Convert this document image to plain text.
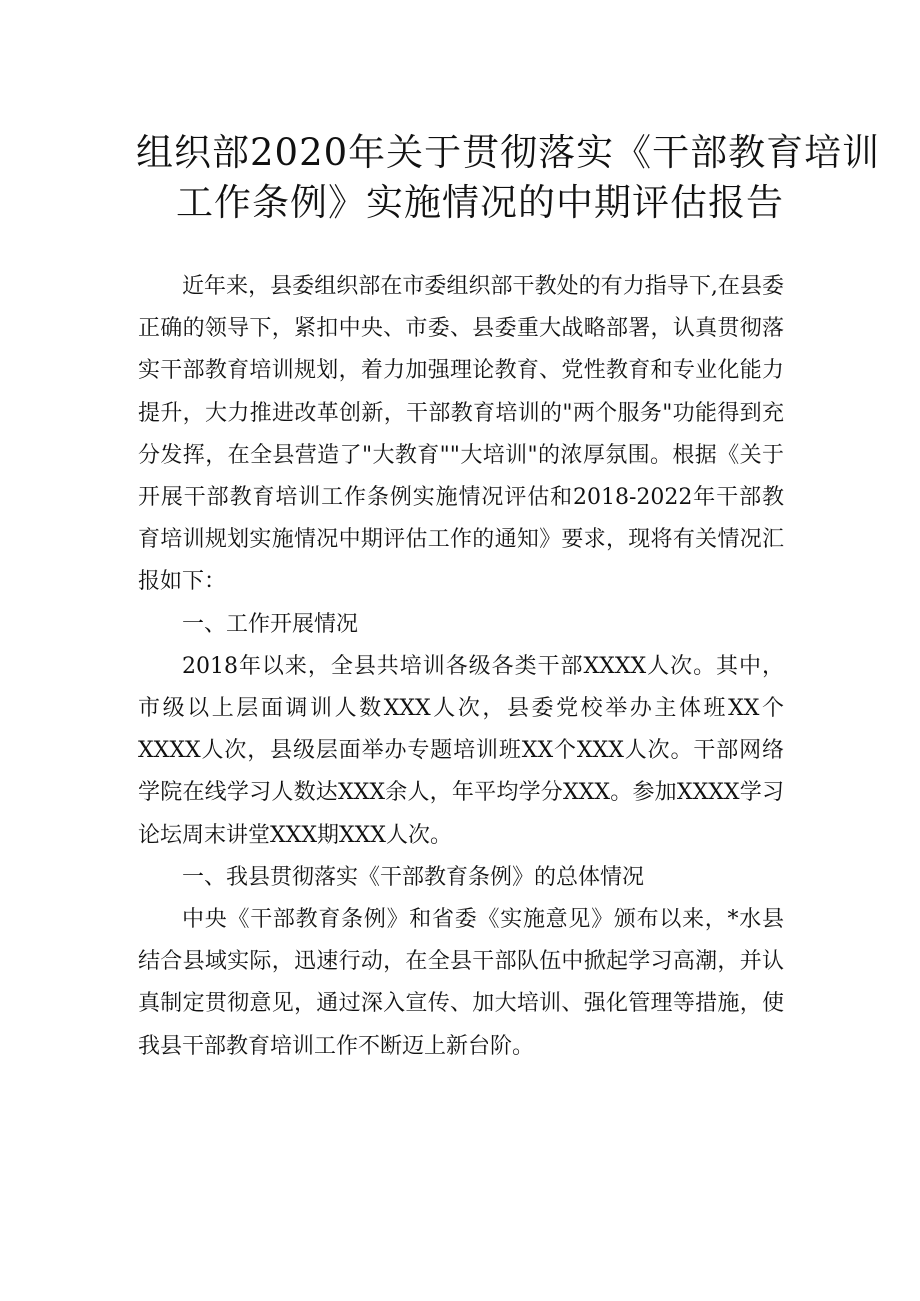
组织部2020年关于贯彻落实《干部教育培训
工作条例》实施情况的中期评估报告

近年来，县委组织部在市委组织部干教处的有力指导下,在县委正确的领导下，紧扣中央、市委、县委重大战略部署，认真贯彻落实干部教育培训规划，着力加强理论教育、党性教育和专业化能力提升，大力推进改革创新，干部教育培训的"两个服务"功能得到充分发挥，在全县营造了"大教育""大培训"的浓厚氛围。根据《关于开展干部教育培训工作条例实施情况评估和2018-2022年干部教育培训规划实施情况中期评估工作的通知》要求，现将有关情况汇报如下：

一、工作开展情况

2018年以来，全县共培训各级各类干部XXXX人次。其中，市级以上层面调训人数XXX人次，县委党校举办主体班XX个XXXX人次，县级层面举办专题培训班XX个XXX人次。干部网络学院在线学习人数达XXX余人，年平均学分XXX。参加XXXX学习论坛周末讲堂XXX期XXX人次。

一、我县贯彻落实《干部教育条例》的总体情况

中央《干部教育条例》和省委《实施意见》颁布以来，*水县结合县域实际，迅速行动，在全县干部队伍中掀起学习高潮，并认真制定贯彻意见，通过深入宣传、加大培训、强化管理等措施，使我县干部教育培训工作不断迈上新台阶。
